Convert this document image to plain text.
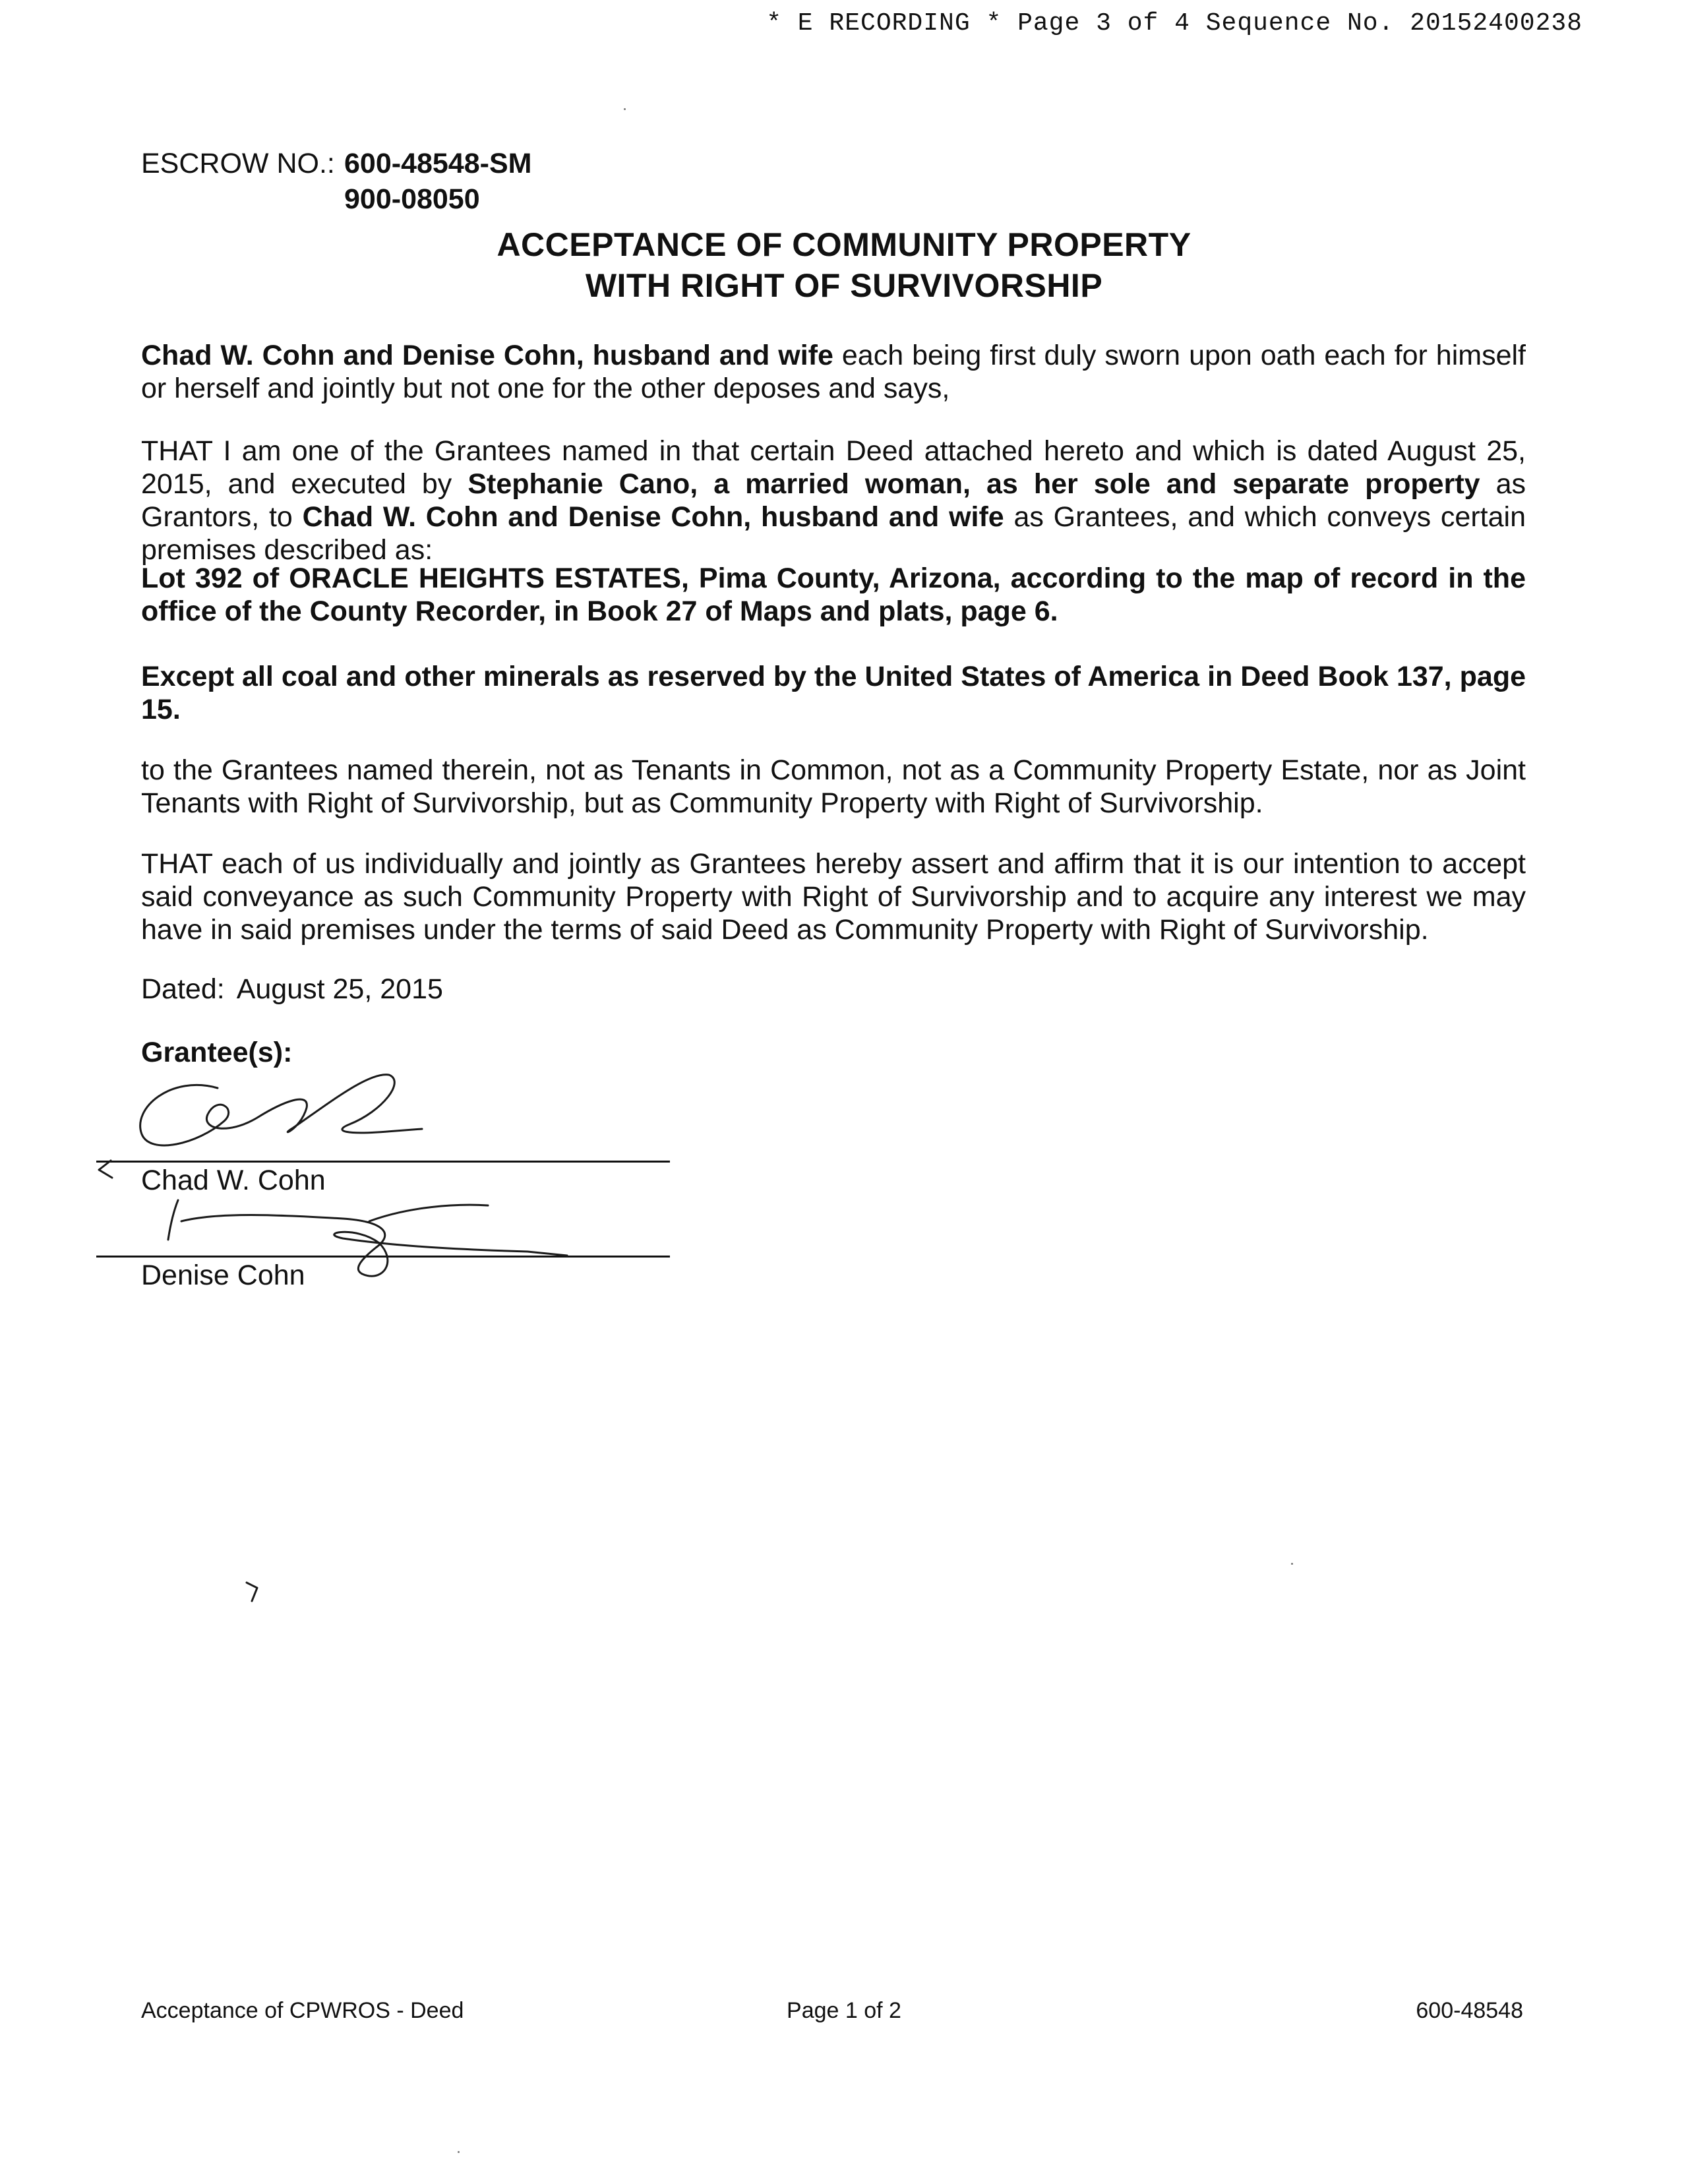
* E RECORDING * Page 3 of 4 Sequence No. 20152400238
ESCROW NO.: 600-48548-SM
900-08050
ACCEPTANCE OF COMMUNITY PROPERTY
WITH RIGHT OF SURVIVORSHIP
Chad W. Cohn and Denise Cohn, husband and wife each being first duly sworn upon oath each for himself or herself and jointly but not one for the other deposes and says,
THAT I am one of the Grantees named in that certain Deed attached hereto and which is dated August 25, 2015, and executed by Stephanie Cano, a married woman, as her sole and separate property as Grantors, to Chad W. Cohn and Denise Cohn, husband and wife as Grantees, and which conveys certain premises described as:
Lot 392 of ORACLE HEIGHTS ESTATES, Pima County, Arizona, according to the map of record in the office of the County Recorder, in Book 27 of Maps and plats, page 6.
Except all coal and other minerals as reserved by the United States of America in Deed Book 137, page 15.
to the Grantees named therein, not as Tenants in Common, not as a Community Property Estate, nor as Joint Tenants with Right of Survivorship, but as Community Property with Right of Survivorship.
THAT each of us individually and jointly as Grantees hereby assert and affirm that it is our intention to accept said conveyance as such Community Property with Right of Survivorship and to acquire any interest we may have in said premises under the terms of said Deed as Community Property with Right of Survivorship.
Dated: August 25, 2015
Grantee(s):
Chad W. Cohn
Denise Cohn
Acceptance of CPWROS - Deed	Page 1 of 2	600-48548
